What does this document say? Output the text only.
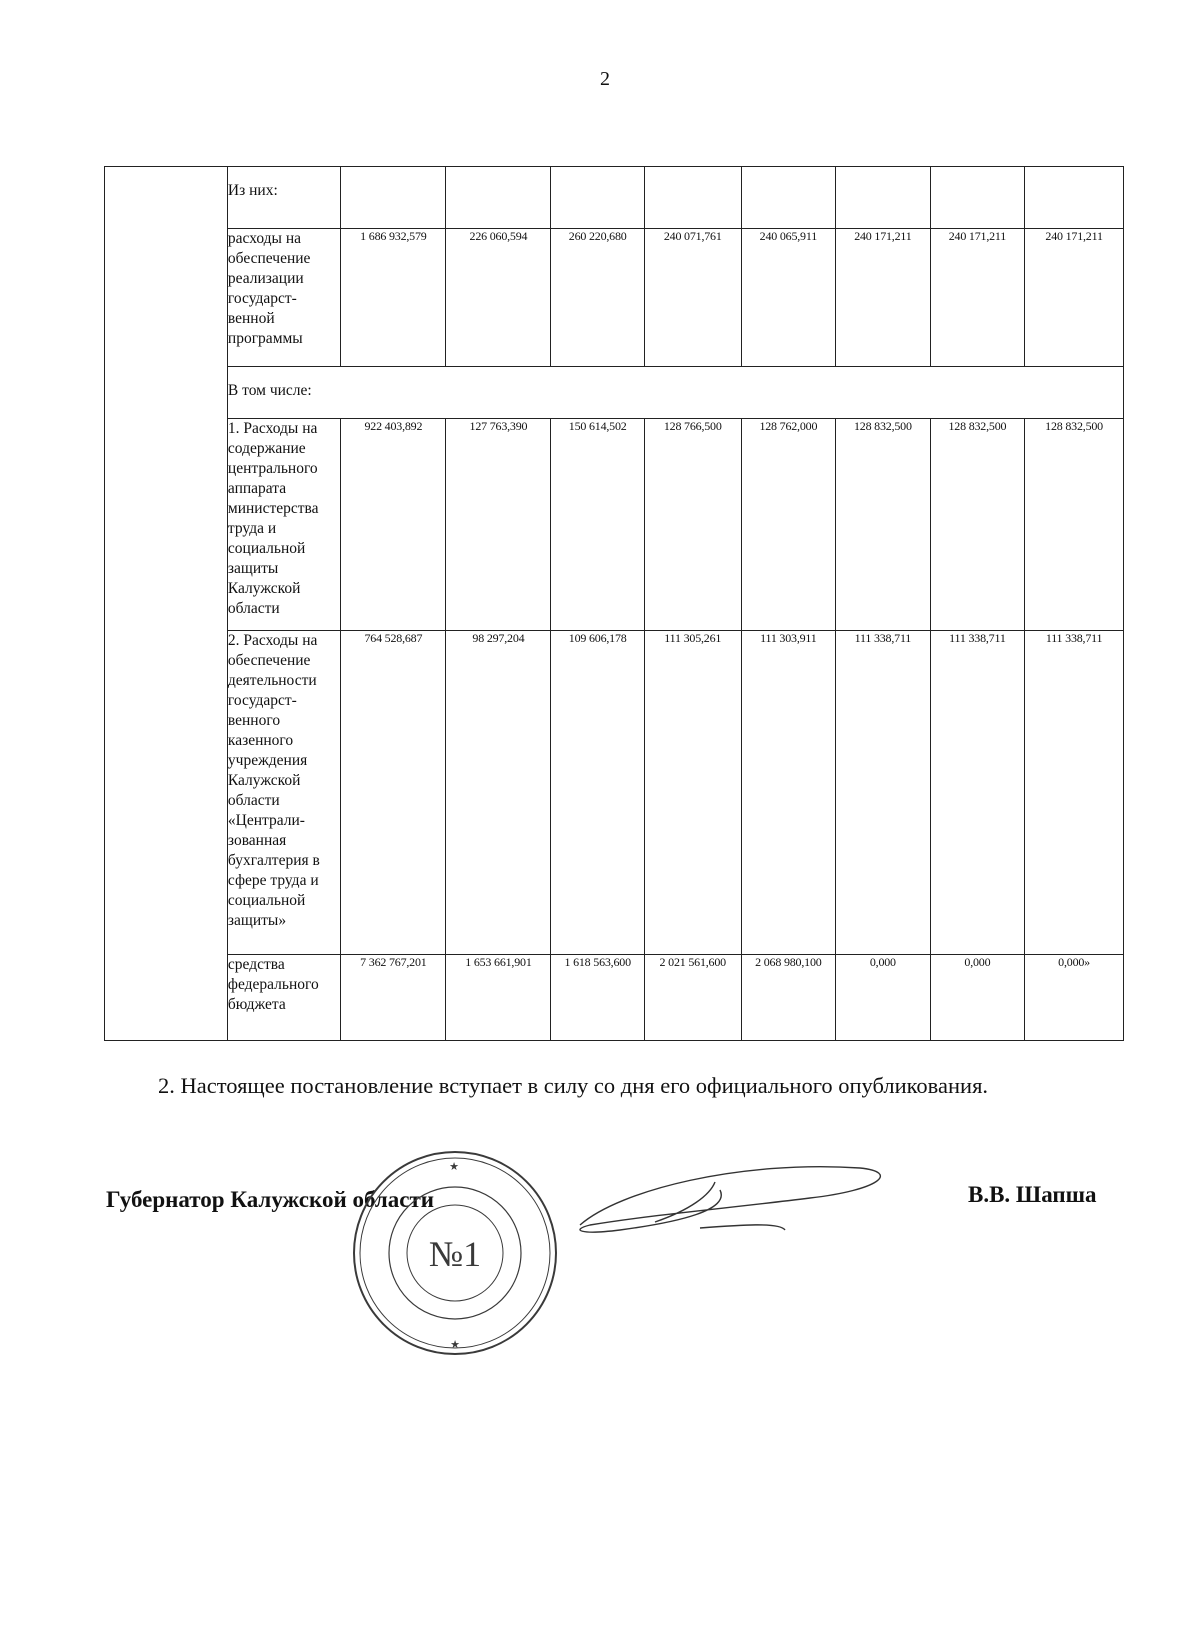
2
	Из них:								
	расходы на обеспечение реализации государст-венной программы	1 686 932,579	226 060,594	260 220,680	240 071,761	240 065,911	240 171,211	240 171,211	240 171,211
	В том числе:								
	1. Расходы на содержание центрального аппарата министерства труда и социальной защиты Калужской области	922 403,892	127 763,390	150 614,502	128 766,500	128 762,000	128 832,500	128 832,500	128 832,500
	2. Расходы на обеспечение деятельности государст-венного казенного учреждения Калужской области «Централи-зованная бухгалтерия в сфере труда и социальной защиты»	764 528,687	98 297,204	109 606,178	111 305,261	111 303,911	111 338,711	111 338,711	111 338,711
	средства федерального бюджета	7 362 767,201	1 653 661,901	1 618 563,600	2 021 561,600	2 068 980,100	0,000	0,000	0,000»
2. Настоящее постановление вступает в силу со дня его официального опубликования.
Губернатор Калужской области	В.В. Шапша
№1
★
★
